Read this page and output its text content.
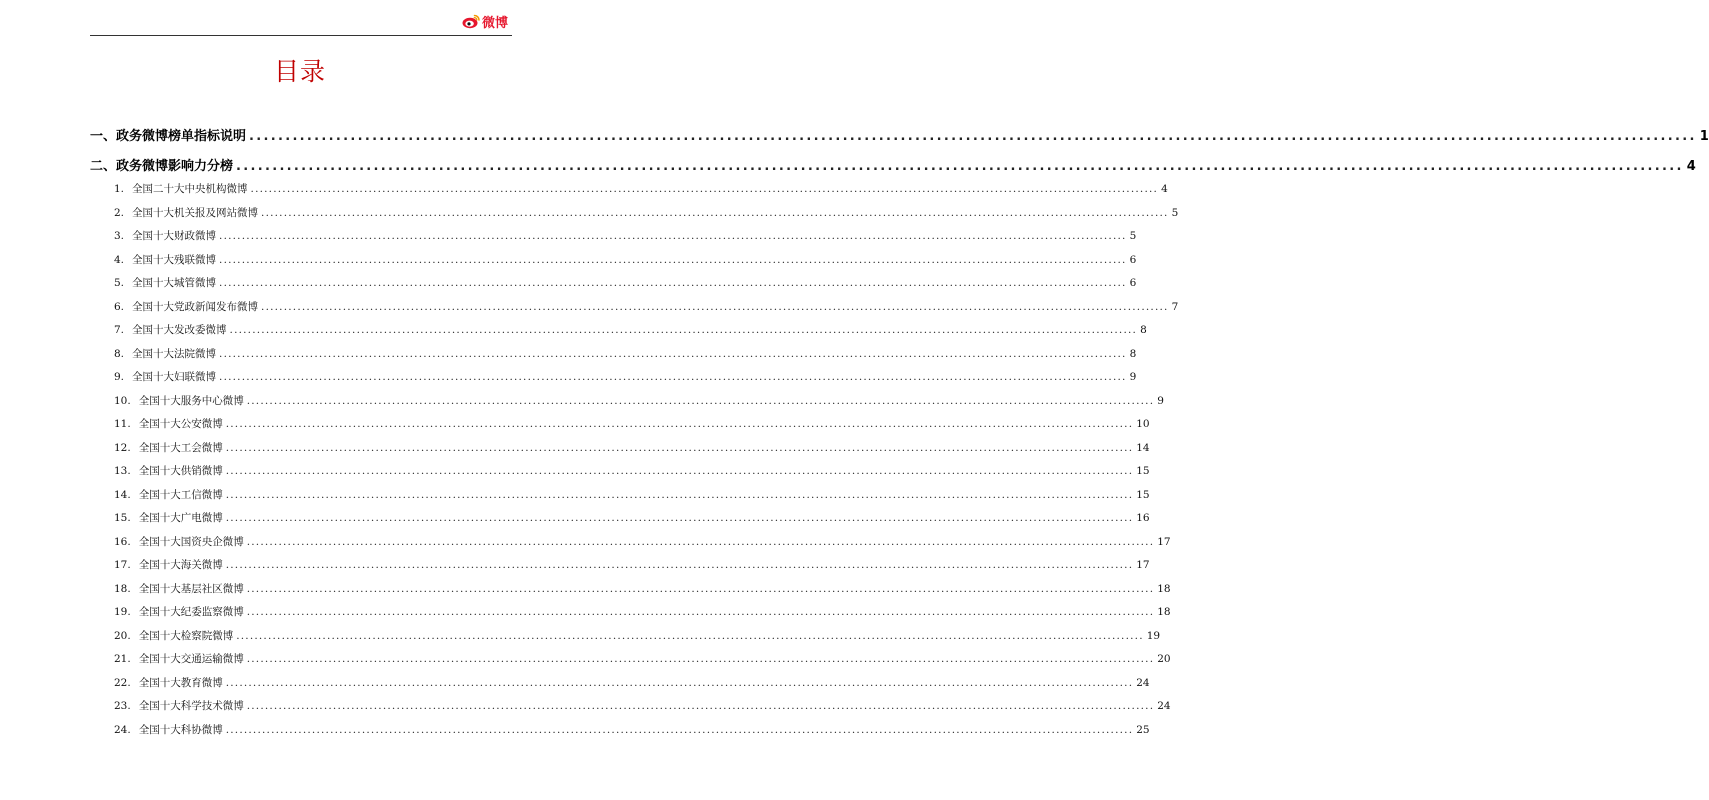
微博
目录
一、政务微博榜单指标说明 ........................................................................................................................................................................................................ 1
二、政务微博影响力分榜 ........................................................................................................................................................................................................ 4
1. 全国二十大中央机构微博 ........................................................................................................................................................................................................ 4
2. 全国十大机关报及网站微博 ........................................................................................................................................................................................................ 5
3. 全国十大财政微博 ........................................................................................................................................................................................................ 5
4. 全国十大残联微博 ........................................................................................................................................................................................................ 6
5. 全国十大城管微博 ........................................................................................................................................................................................................ 6
6. 全国十大党政新闻发布微博 ........................................................................................................................................................................................................ 7
7. 全国十大发改委微博 ........................................................................................................................................................................................................ 8
8. 全国十大法院微博 ........................................................................................................................................................................................................ 8
9. 全国十大妇联微博 ........................................................................................................................................................................................................ 9
10. 全国十大服务中心微博 ........................................................................................................................................................................................................ 9
11. 全国十大公安微博 ........................................................................................................................................................................................................ 10
12. 全国十大工会微博 ........................................................................................................................................................................................................ 14
13. 全国十大供销微博 ........................................................................................................................................................................................................ 15
14. 全国十大工信微博 ........................................................................................................................................................................................................ 15
15. 全国十大广电微博 ........................................................................................................................................................................................................ 16
16. 全国十大国资央企微博 ........................................................................................................................................................................................................ 17
17. 全国十大海关微博 ........................................................................................................................................................................................................ 17
18. 全国十大基层社区微博 ........................................................................................................................................................................................................ 18
19. 全国十大纪委监察微博 ........................................................................................................................................................................................................ 18
20. 全国十大检察院微博 ........................................................................................................................................................................................................ 19
21. 全国十大交通运输微博 ........................................................................................................................................................................................................ 20
22. 全国十大教育微博 ........................................................................................................................................................................................................ 24
23. 全国十大科学技术微博 ........................................................................................................................................................................................................ 24
24. 全国十大科协微博 ........................................................................................................................................................................................................ 25
